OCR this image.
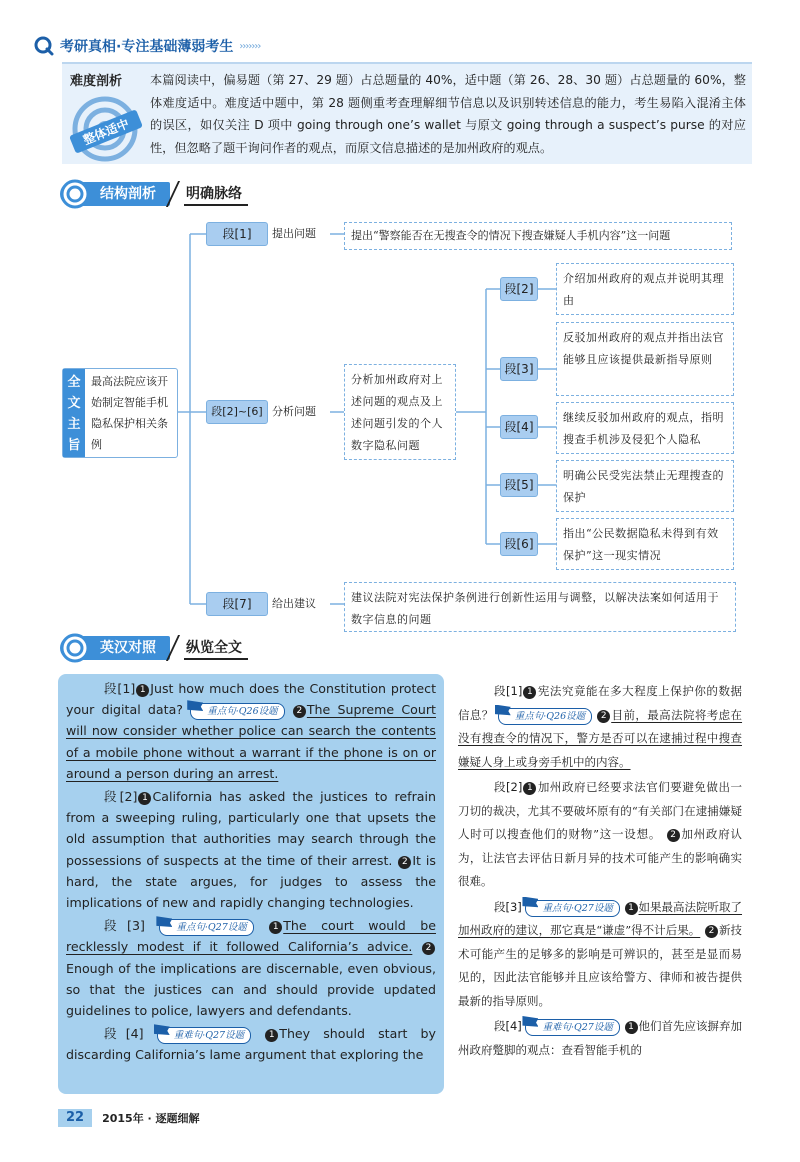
考研真相·专注基础薄弱考生 ›››››››
难度剖析
整体适中
本篇阅读中，偏易题（第 27、29 题）占总题量的 40%，适中题（第 26、28、30 题）占总题量的 60%，整体难度适中。难度适中题中，第 28 题侧重考查理解细节信息以及识别转述信息的能力，考生易陷入混淆主体的误区，如仅关注 D 项中 going through one’s wallet 与原文 going through a suspect’s purse 的对应性，但忽略了题干询问作者的观点，而原文信息描述的是加州政府的观点。
结构剖析	明确脉络
全文主旨
最高法院应该开始制定智能手机隐私保护相关条例
段[1]	提出问题	提出“警察能否在无搜查令的情况下搜查嫌疑人手机内容”这一问题
段[2]~[6] 分析问题
分析加州政府对上述问题的观点及上述问题引发的个人数字隐私问题
段[2]
介绍加州政府的观点并说明其理由
段[3]
反驳加州政府的观点并指出法官能够且应该提供最新指导原则
段[4]
继续反驳加州政府的观点，指明搜查手机涉及侵犯个人隐私
段[5]
明确公民受宪法禁止无理搜查的保护
段[6]
指出“公民数据隐私未得到有效保护”这一现实情况
段[7]	给出建议	建议法院对宪法保护条例进行创新性运用与调整，以解决法案如何适用于数字信息的问题
英汉对照	纵览全文

段[1] 1 Just how much does the Constitution protect your digital data?	重点句·Q26设题 2 The Supreme Court will now consider whether police can search the contents of a mobile phone without a warrant if the phone is on or around a person during an arrest.

段[2] 1 California has asked the justices to refrain from a sweeping ruling, particularly one that upsets the old assumption that authorities may search through the possessions of suspects at the time of their arrest. 2 It is hard, the state argues, for judges to assess the implications of new and rapidly changing technologies.

段[3]	重点句·Q27设题	1 The court would be recklessly modest if it followed California’s advice. 2Enough of the implications are discernable, even obvious, so that the justices can and should provide updated guidelines to police, lawyers and defendants.

段[4]	重难句·Q27设题	1 They should start by discarding California’s lame argument that exploring the

段[1] 1 宪法究竟能在多大程度上保护你的数据信息？ 重点句·Q26设题 2 目前，最高法院将考虑在没有搜查令的情况下，警方是否可以在逮捕过程中搜查嫌疑人身上或身旁手机中的内容。

段[2] 1 加州政府已经要求法官们要避免做出一刀切的裁决，尤其不要破坏原有的“有关部门在逮捕嫌疑人时可以搜查他们的财物”这一设想。 2 加州政府认为，让法官去评估日新月异的技术可能产生的影响确实很难。

段[3] 重点句·Q27设题 1 如果最高法院听取了加州政府的建议，那它真是“谦虚”得不计后果。 2 新技术可能产生的足够多的影响是可辨识的，甚至是显而易见的，因此法官能够并且应该给警方、律师和被告提供最新的指导原则。

段[4] 重难句·Q27设题 1 他们首先应该摒弃加州政府蹩脚的观点：查看智能手机的

22	2015年 · 逐题细解
